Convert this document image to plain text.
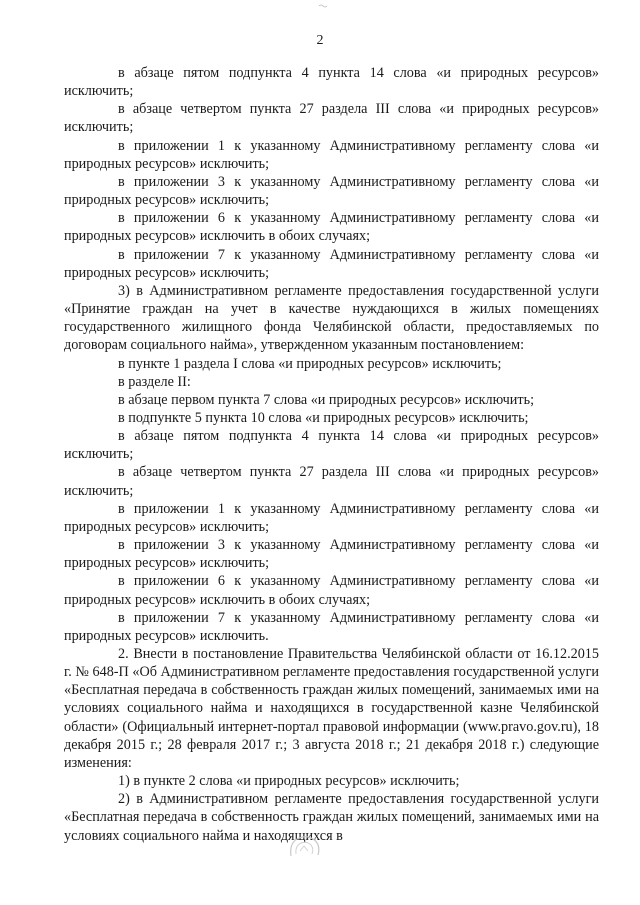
2

в абзаце пятом подпункта 4 пункта 14 слова «и природных ресурсов» исключить;

в абзаце четвертом пункта 27 раздела III слова «и природных ресурсов» исключить;

в приложении 1 к указанному Административному регламенту слова «и природных ресурсов» исключить;

в приложении 3 к указанному Административному регламенту слова «и природных ресурсов» исключить;

в приложении 6 к указанному Административному регламенту слова «и природных ресурсов» исключить в обоих случаях;

в приложении 7 к указанному Административному регламенту слова «и природных ресурсов» исключить;

3) в Административном регламенте предоставления государственной услуги «Принятие граждан на учет в качестве нуждающихся в жилых помещениях государственного жилищного фонда Челябинской области, предоставляемых по договорам социального найма», утвержденном указанным постановлением:

в пункте 1 раздела I слова «и природных ресурсов» исключить;

в разделе II:

в абзаце первом пункта 7 слова «и природных ресурсов» исключить;

в подпункте 5 пункта 10 слова «и природных ресурсов» исключить;

в абзаце пятом подпункта 4 пункта 14 слова «и природных ресурсов» исключить;

в абзаце четвертом пункта 27 раздела III слова «и природных ресурсов» исключить;

в приложении 1 к указанному Административному регламенту слова «и природных ресурсов» исключить;

в приложении 3 к указанному Административному регламенту слова «и природных ресурсов» исключить;

в приложении 6 к указанному Административному регламенту слова «и природных ресурсов» исключить в обоих случаях;

в приложении 7 к указанному Административному регламенту слова «и природных ресурсов» исключить.

2. Внести в постановление Правительства Челябинской области от 16.12.2015 г. № 648-П «Об Административном регламенте предоставления государственной услуги «Бесплатная передача в собственность граждан жилых помещений, занимаемых ими на условиях социального найма и находящихся в государственной казне Челябинской области» (Официальный интернет-портал правовой информации (www.pravo.gov.ru), 18 декабря 2015 г.; 28 февраля 2017 г.; 3 августа 2018 г.; 21 декабря 2018 г.) следующие изменения:

1) в пункте 2 слова «и природных ресурсов» исключить;

2) в Административном регламенте предоставления государственной услуги «Бесплатная передача в собственность граждан жилых помещений, занимаемых ими на условиях социального найма и находящихся в
